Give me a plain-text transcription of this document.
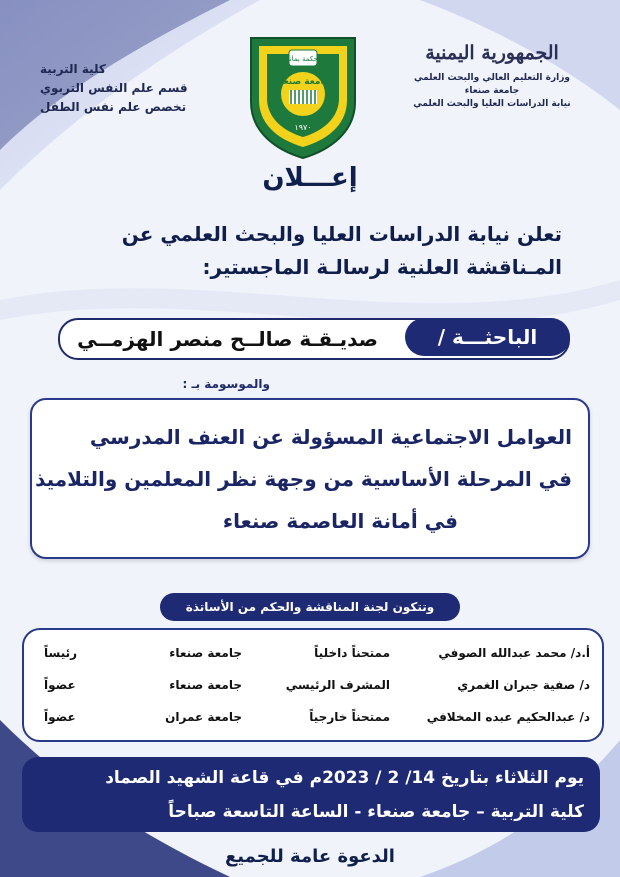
كلية التربية
قسم علم النفس التربوي
تخصص علم نفس الطفل
الحكمة يمانية
جامعة صنعاء
١٩٧٠
الجمهورية اليمنية
وزارة التعليم العالي والبحث العلمي
جامعة صنعاء
نيابة الدراسات العليا والبحث العلمي
إعـــلان
تعلن نيابة الدراسات العليا والبحث العلمي عن
المـناقشة العلنية لرسالـة الماجستير:
الباحثـــة /
صديـقـة صالــح منصر الهزمــي
والموسومة بـ :
العوامل الاجتماعية المسؤولة عن العنف المدرسي
في المرحلة الأساسية من وجهة نظر المعلمين والتلاميذ
في أمانة العاصمة صنعاء
وتتكون لجنة المناقشة والحكم من الأساتذة
أ.د/ محمد عبدالله الصوفي
ممتحناً داخلياً
جامعة صنعاء
رئيساً
د/ صفية جبران الغمري
المشرف الرئيسي
جامعة صنعاء
عضواً
د/ عبدالحكيم عبده المخلافي
ممتحناً خارجياً
جامعة عمران
عضواً
يوم الثلاثاء بتاريخ 14/ 2 / 2023م في قاعة الشهيد الصماد
كلية التربية – جامعة صنعاء - الساعة التاسعة صباحاً
الدعوة عامة للجميع
